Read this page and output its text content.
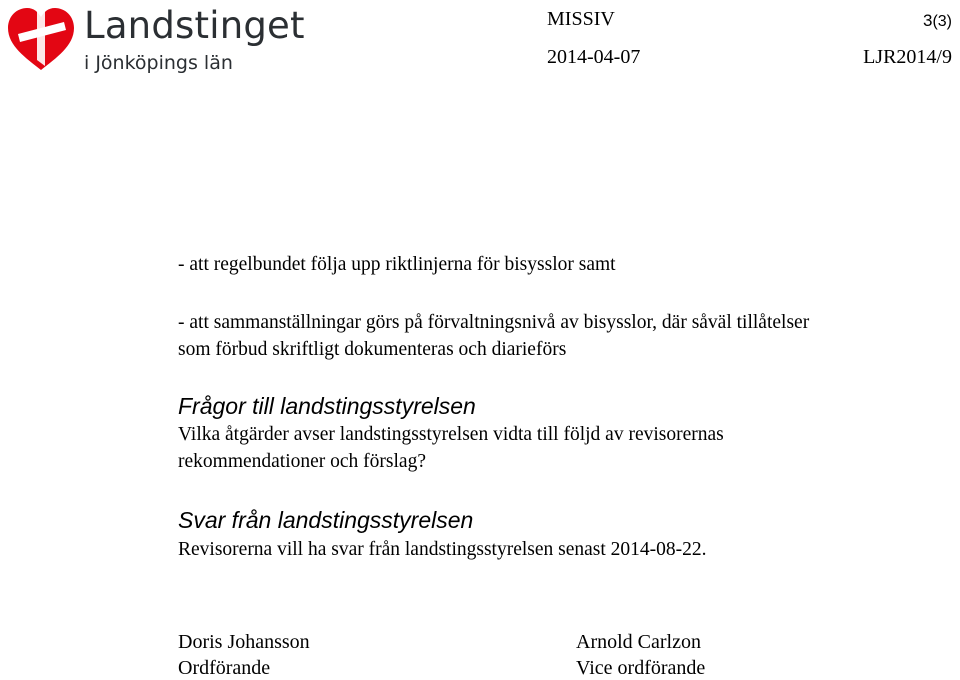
Landstinget
i Jönköpings län
MISSIV	3(3)
2014-04-07	LJR2014/9
- att regelbundet följa upp riktlinjerna för bisysslor samt
- att sammanställningar görs på förvaltningsnivå av bisysslor, där såväl tillåtelser
som förbud skriftligt dokumenteras och diarieförs
Frågor till landstingsstyrelsen
Vilka åtgärder avser landstingsstyrelsen vidta till följd av revisorernas
rekommendationer och förslag?
Svar från landstingsstyrelsen
Revisorerna vill ha svar från landstingsstyrelsen senast 2014-08-22.
Doris Johansson
Ordförande
Arnold Carlzon
Vice ordförande
